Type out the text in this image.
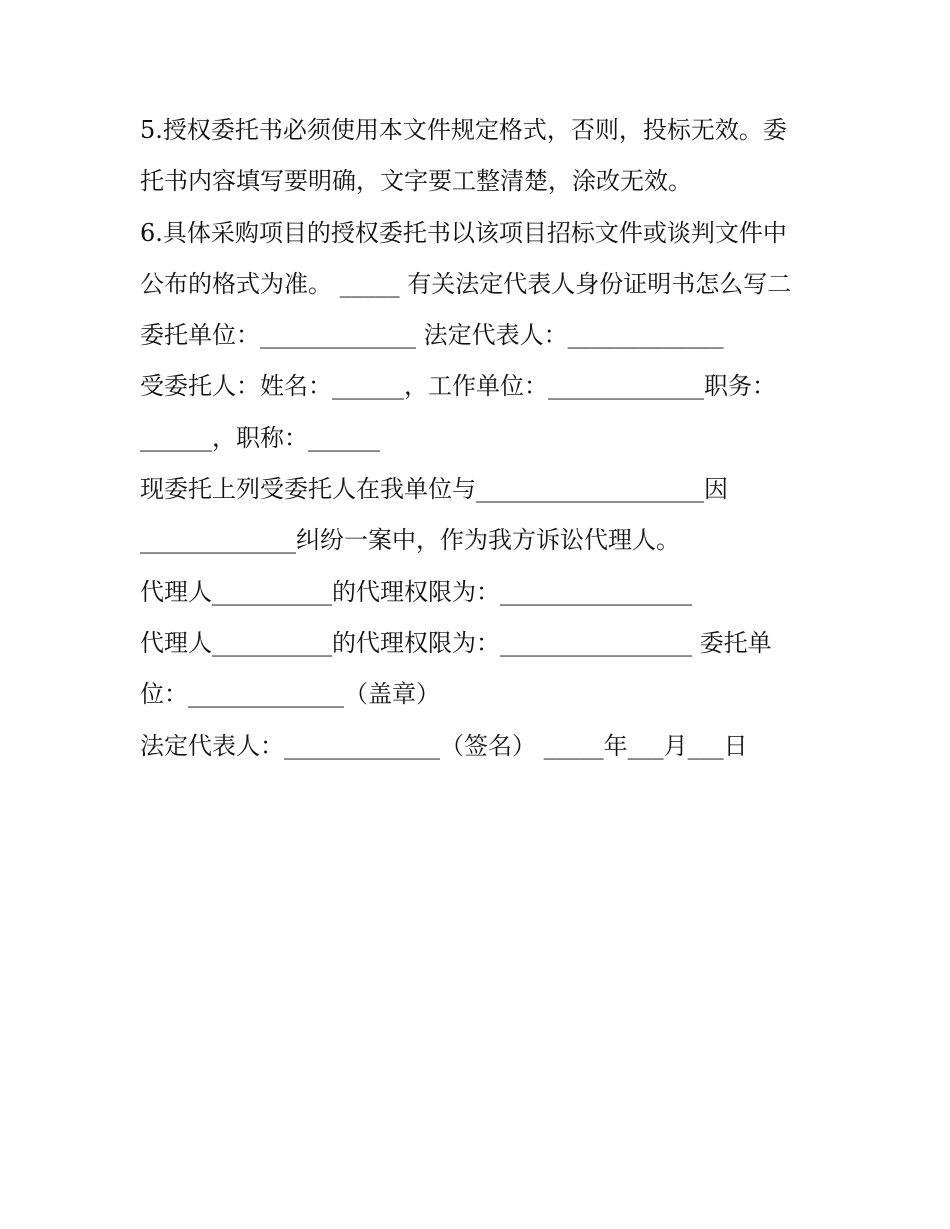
5.授权委托书必须使用本文件规定格式，否则，投标无效。委
托书内容填写要明确，文字要工整清楚，涂改无效。
6.具体采购项目的授权委托书以该项目招标文件或谈判文件中
公布的格式为准。 _____ 有关法定代表人身份证明书怎么写二
委托单位：_____________ 法定代表人：_____________
受委托人：姓名：______，工作单位：_____________职务：
______，职称：______
现委托上列受委托人在我单位与___________________因
_____________纠纷一案中，作为我方诉讼代理人。
代理人__________的代理权限为：________________
代理人__________的代理权限为：________________ 委托单
位：_____________（盖章）
法定代表人：_____________（签名） _____年___月___日
